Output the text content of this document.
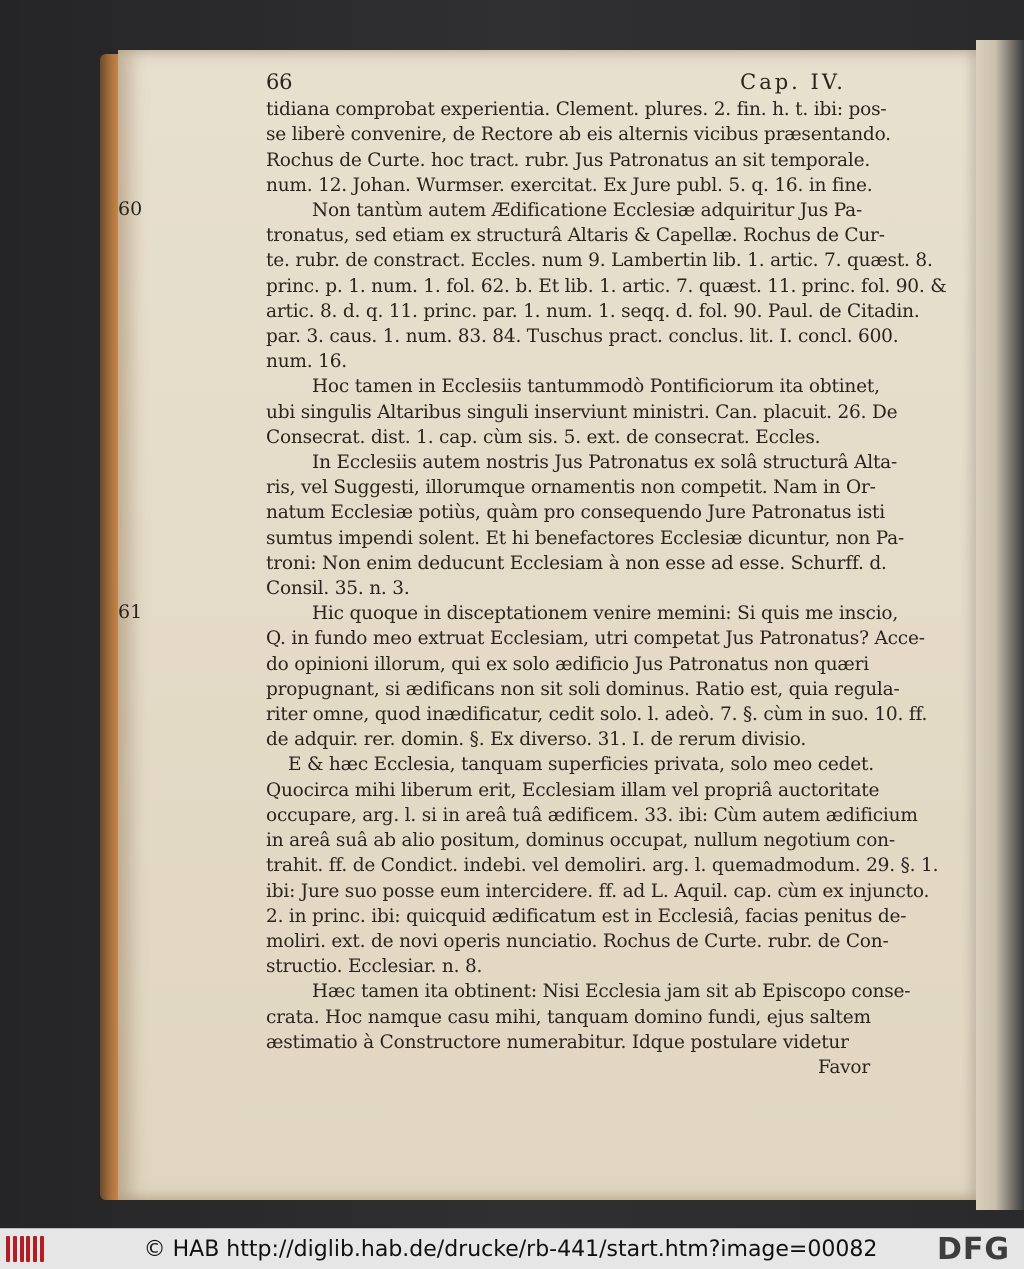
66	Cap. IV.
tidiana comprobat experientia. Clement. plures. 2. fin. h. t. ibi: pos-
se liberè convenire, de Rectore ab eis alternis vicibus præsentando.
Rochus de Curte. hoc tract. rubr. Jus Patronatus an sit temporale.
num. 12. Johan. Wurmser. exercitat. Ex Jure publ. 5. q. 16. in fine.
Non tantùm autem Ædificatione Ecclesiæ adquiritur Jus Pa-
tronatus, sed etiam ex structurâ Altaris & Capellæ. Rochus de Cur-
te. rubr. de constract. Eccles. num 9. Lambertin lib. 1. artic. 7. quæst. 8.
princ. p. 1. num. 1. fol. 62. b. Et lib. 1. artic. 7. quæst. 11. princ. fol. 90. &
artic. 8. d. q. 11. princ. par. 1. num. 1. seqq. d. fol. 90. Paul. de Citadin.
par. 3. caus. 1. num. 83. 84. Tuschus pract. conclus. lit. I. concl. 600.
num. 16.
Hoc tamen in Ecclesiis tantummodò Pontificiorum ita obtinet,
ubi singulis Altaribus singuli inserviunt ministri. Can. placuit. 26. De
Consecrat. dist. 1. cap. cùm sis. 5. ext. de consecrat. Eccles.
In Ecclesiis autem nostris Jus Patronatus ex solâ structurâ Alta-
ris, vel Suggesti, illorumque ornamentis non competit. Nam in Or-
natum Ecclesiæ potiùs, quàm pro consequendo Jure Patronatus isti
sumtus impendi solent. Et hi benefactores Ecclesiæ dicuntur, non Pa-
troni: Non enim deducunt Ecclesiam à non esse ad esse. Schurff. d.
Consil. 35. n. 3.
Hic quoque in disceptationem venire memini: Si quis me inscio,
Q. in fundo meo extruat Ecclesiam, utri competat Jus Patronatus? Acce-
do opinioni illorum, qui ex solo ædificio Jus Patronatus non quæri
propugnant, si ædificans non sit soli dominus. Ratio est, quia regula-
riter omne, quod inædificatur, cedit solo. l. adeò. 7. §. cùm in suo. 10. ff.
de adquir. rer. domin. §. Ex diverso. 31. I. de rerum divisio.
E & hæc Ecclesia, tanquam superficies privata, solo meo cedet.
Quocirca mihi liberum erit, Ecclesiam illam vel propriâ auctoritate
occupare, arg. l. si in areâ tuâ ædificem. 33. ibi: Cùm autem ædificium
in areâ suâ ab alio positum, dominus occupat, nullum negotium con-
trahit. ff. de Condict. indebi. vel demoliri. arg. l. quemadmodum. 29. §. 1.
ibi: Jure suo posse eum intercidere. ff. ad L. Aquil. cap. cùm ex injuncto.
2. in princ. ibi: quicquid ædificatum est in Ecclesiâ, facias penitus de-
moliri. ext. de novi operis nunciatio. Rochus de Curte. rubr. de Con-
structio. Ecclesiar. n. 8.
Hæc tamen ita obtinent: Nisi Ecclesia jam sit ab Episcopo conse-
crata. Hoc namque casu mihi, tanquam domino fundi, ejus saltem
æstimatio à Constructore numerabitur. Idque postulare videtur
Favor
60
61
© HAB http://diglib.hab.de/drucke/rb-441/start.htm?image=00082	DFG
